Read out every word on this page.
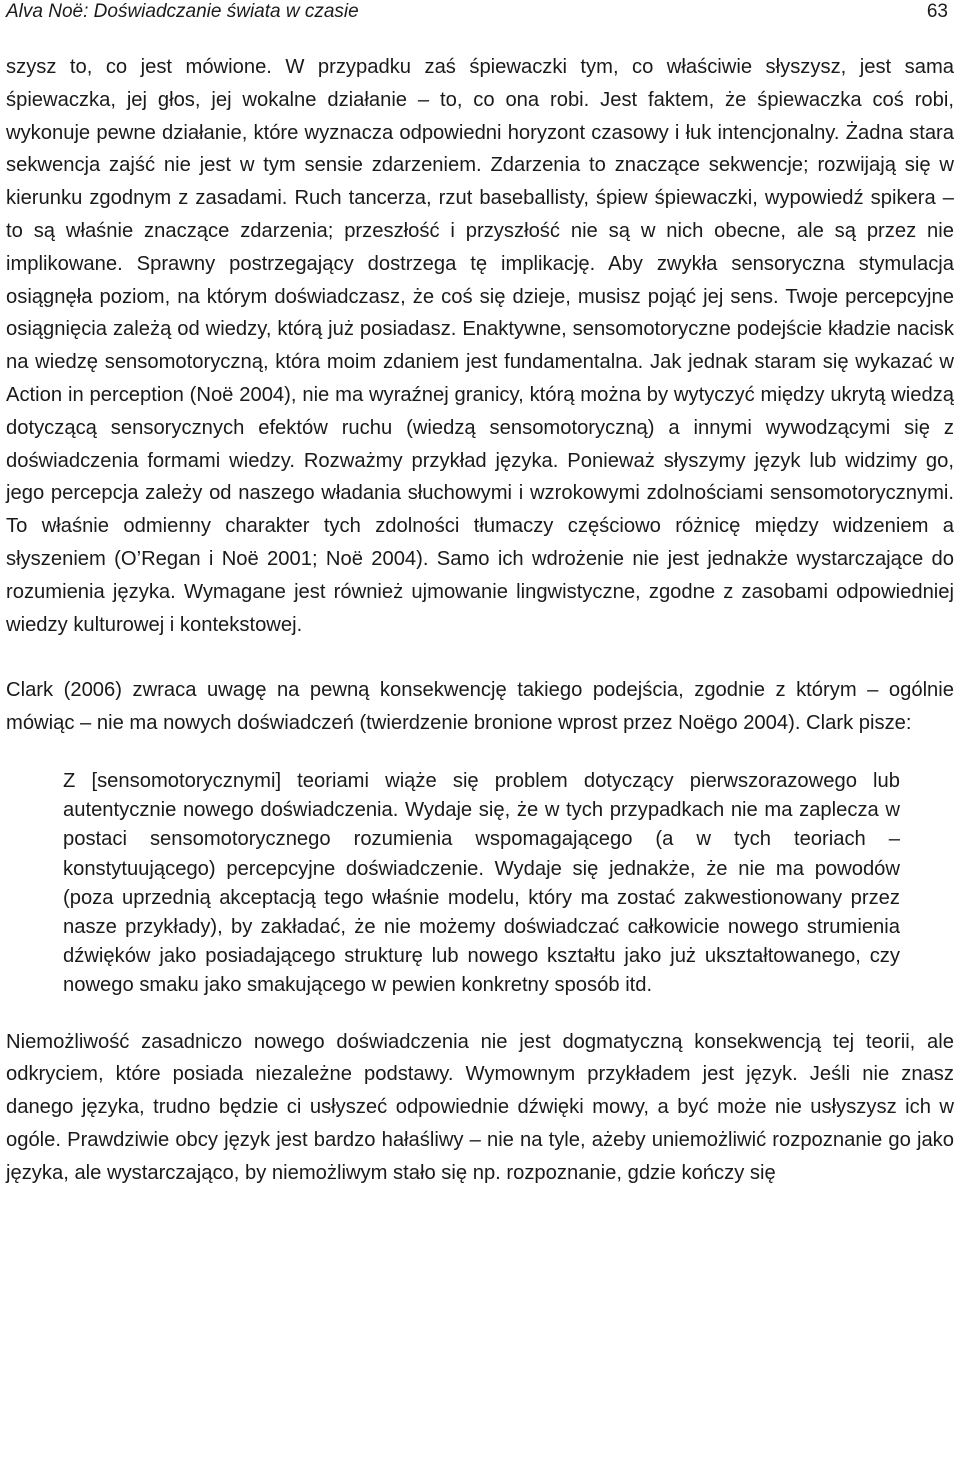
Alva Noë: Doświadczanie świata w czasie	63

szysz to, co jest mówione. W przypadku zaś śpiewaczki tym, co właściwie słyszysz, jest sama śpiewaczka, jej głos, jej wokalne działanie – to, co ona robi. Jest faktem, że śpiewaczka coś robi, wykonuje pewne działanie, które wyznacza odpowiedni horyzont czasowy i łuk intencjonalny. Żadna stara sekwencja zajść nie jest w tym sensie zdarzeniem. Zdarzenia to znaczące sekwencje; rozwijają się w kierunku zgodnym z zasadami. Ruch tancerza, rzut baseballisty, śpiew śpiewaczki, wypowiedź spikera – to są właśnie znaczące zdarzenia; przeszłość i przyszłość nie są w nich obecne, ale są przez nie implikowane. Sprawny postrzegający dostrzega tę implikację. Aby zwykła sensoryczna stymulacja osiągnęła poziom, na którym doświadczasz, że coś się dzieje, musisz pojąć jej sens. Twoje percepcyjne osiągnięcia zależą od wiedzy, którą już posiadasz. Enaktywne, sensomotoryczne podejście kładzie nacisk na wiedzę sensomotoryczną, która moim zdaniem jest fundamentalna. Jak jednak staram się wykazać w Action in perception (Noë 2004), nie ma wyraźnej granicy, którą można by wytyczyć między ukrytą wiedzą dotyczącą sensorycznych efektów ruchu (wiedzą sensomotoryczną) a innymi wywodzącymi się z doświadczenia formami wiedzy. Rozważmy przykład języka. Ponieważ słyszymy język lub widzimy go, jego percepcja zależy od naszego władania słuchowymi i wzrokowymi zdolnościami sensomotorycznymi. To właśnie odmienny charakter tych zdolności tłumaczy częściowo różnicę między widzeniem a słyszeniem (O’Regan i Noë 2001; Noë 2004). Samo ich wdrożenie nie jest jednakże wystarczające do rozumienia języka. Wymagane jest również ujmowanie lingwistyczne, zgodne z zasobami odpowiedniej wiedzy kulturowej i kontekstowej.

Clark (2006) zwraca uwagę na pewną konsekwencję takiego podejścia, zgodnie z którym – ogólnie mówiąc – nie ma nowych doświadczeń (twierdzenie bronione wprost przez Noëgo 2004). Clark pisze:

Z [sensomotorycznymi] teoriami wiąże się problem dotyczący pierwszorazowego lub autentycznie nowego doświadczenia. Wydaje się, że w tych przypadkach nie ma zaplecza w postaci sensomotorycznego rozumienia wspomagającego (a w tych teoriach – konstytuującego) percepcyjne doświadczenie. Wydaje się jednakże, że nie ma powodów (poza uprzednią akceptacją tego właśnie modelu, który ma zostać zakwestionowany przez nasze przykłady), by zakładać, że nie możemy doświadczać całkowicie nowego strumienia dźwięków jako posiadającego strukturę lub nowego kształtu jako już ukształtowanego, czy nowego smaku jako smakującego w pewien konkretny sposób itd.

Niemożliwość zasadniczo nowego doświadczenia nie jest dogmatyczną konsekwencją tej teorii, ale odkryciem, które posiada niezależne podstawy. Wymownym przykładem jest język. Jeśli nie znasz danego języka, trudno będzie ci usłyszeć odpowiednie dźwięki mowy, a być może nie usłyszysz ich w ogóle. Prawdziwie obcy język jest bardzo hałaśliwy – nie na tyle, ażeby uniemożliwić rozpoznanie go jako języka, ale wystarczająco, by niemożliwym stało się np. rozpoznanie, gdzie kończy się
